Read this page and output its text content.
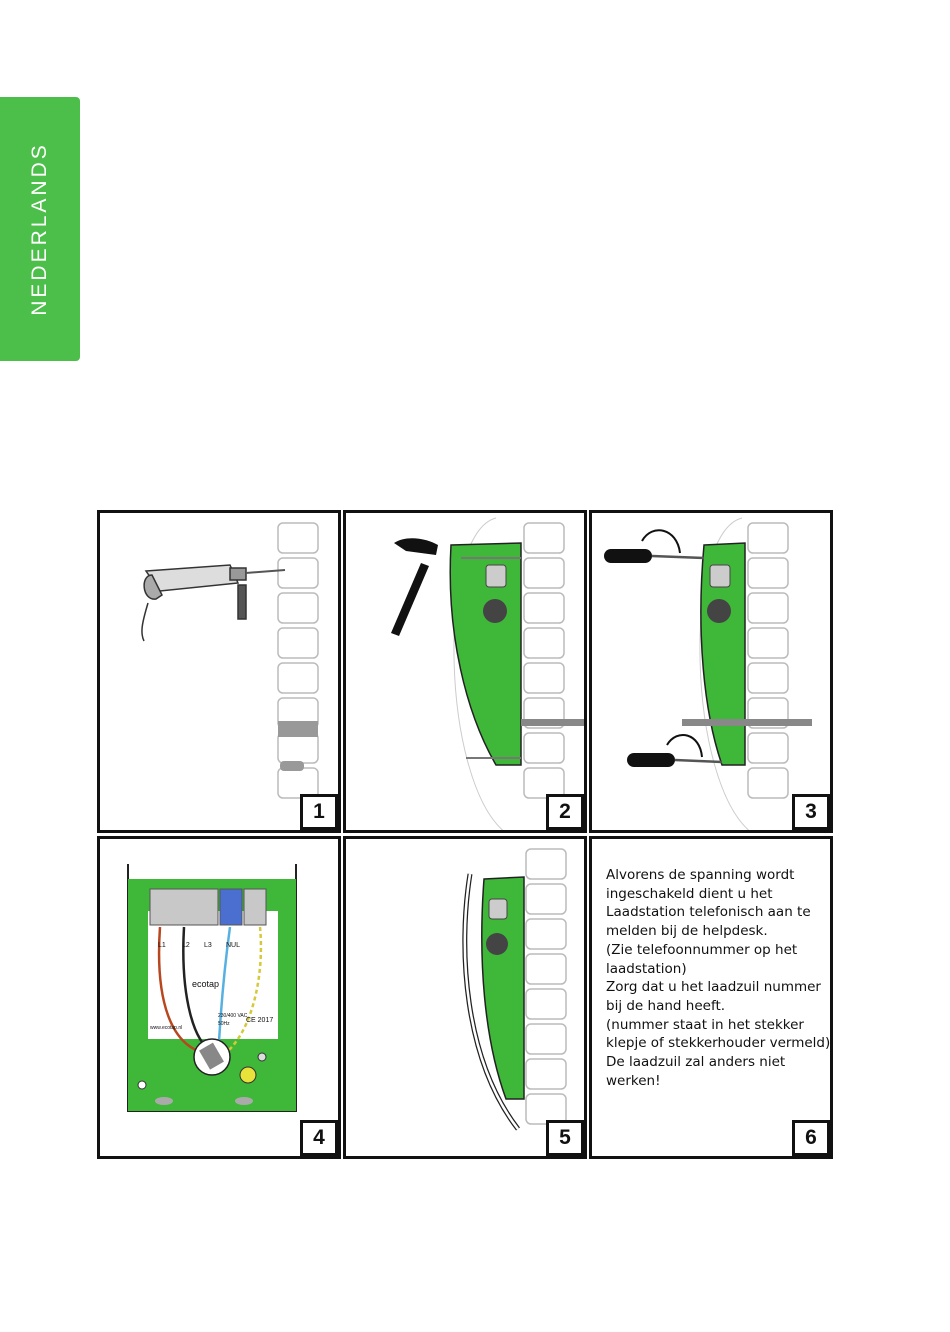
NEDERLANDS
1	2	3
L1 L2 L3 NUL
ecotap
230/400 VAC
50Hz CE 2017
www.ecotap.nl
4	5
Alvorens de spanning wordt
ingeschakeld dient u het
Laadstation telefonisch aan te
melden bij de helpdesk.
(Zie telefoonnummer op het
laadstation)
Zorg dat u het laadzuil nummer
bij de hand heeft.
(nummer staat in het stekker
klepje of stekkerhouder vermeld)
De laadzuil zal anders niet
werken!
6
